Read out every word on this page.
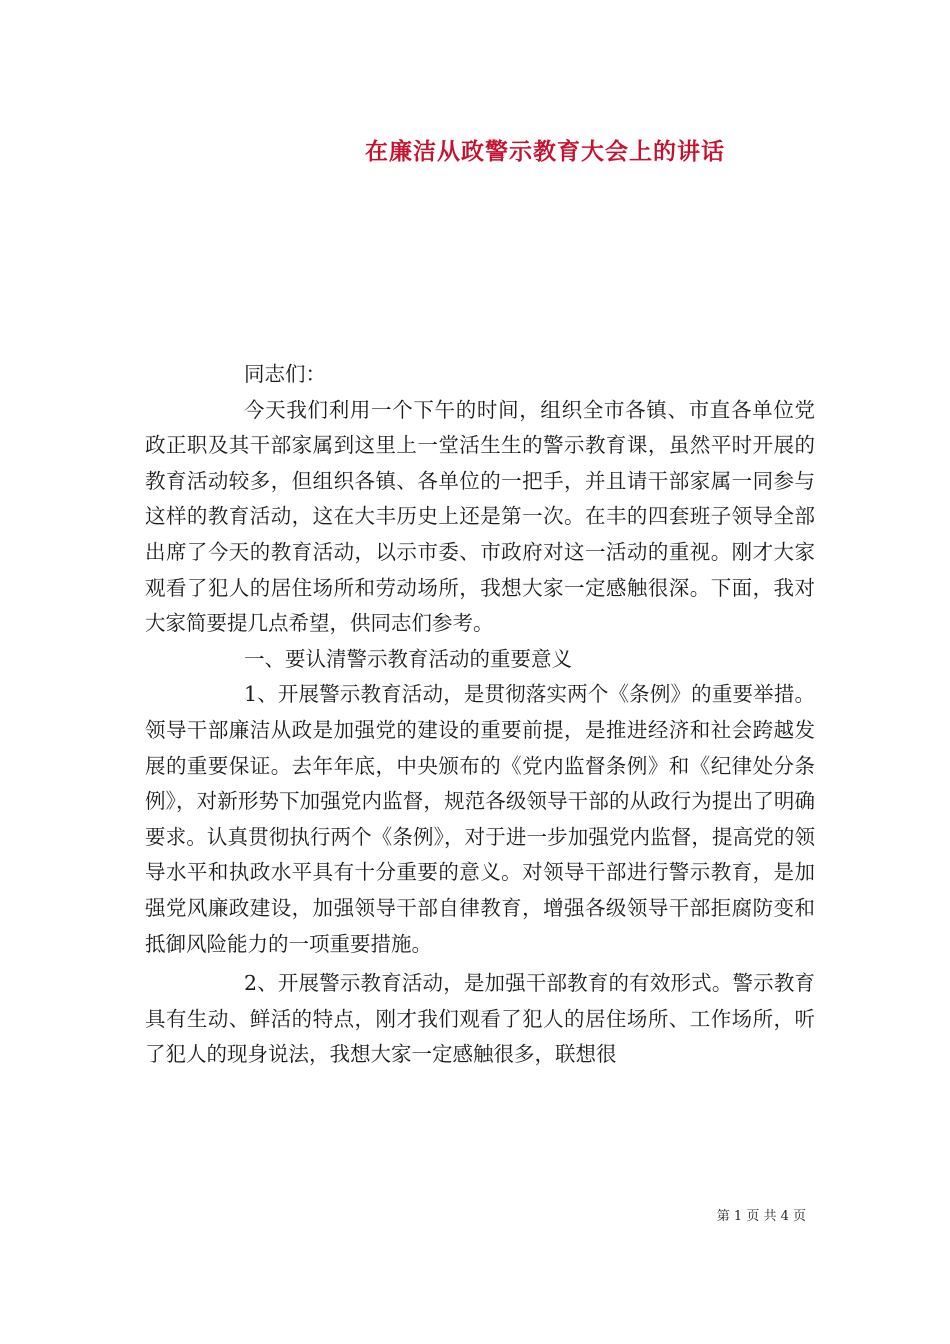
在廉洁从政警示教育大会上的讲话

同志们：

今天我们利用一个下午的时间，组织全市各镇、市直各单位党政正职及其干部家属到这里上一堂活生生的警示教育课，虽然平时开展的教育活动较多，但组织各镇、各单位的一把手，并且请干部家属一同参与这样的教育活动，这在大丰历史上还是第一次。在丰的四套班子领导全部出席了今天的教育活动，以示市委、市政府对这一活动的重视。刚才大家观看了犯人的居住场所和劳动场所，我想大家一定感触很深。下面，我对大家简要提几点希望，供同志们参考。

一、要认清警示教育活动的重要意义

1、开展警示教育活动，是贯彻落实两个《条例》的重要举措。领导干部廉洁从政是加强党的建设的重要前提，是推进经济和社会跨越发展的重要保证。去年年底，中央颁布的《党内监督条例》和《纪律处分条例》，对新形势下加强党内监督，规范各级领导干部的从政行为提出了明确要求。认真贯彻执行两个《条例》，对于进一步加强党内监督，提高党的领导水平和执政水平具有十分重要的意义。对领导干部进行警示教育，是加强党风廉政建设，加强领导干部自律教育，增强各级领导干部拒腐防变和抵御风险能力的一项重要措施。

2、开展警示教育活动，是加强干部教育的有效形式。警示教育具有生动、鲜活的特点，刚才我们观看了犯人的居住场所、工作场所，听了犯人的现身说法，我想大家一定感触很多，联想很

第 1 页 共 4 页
